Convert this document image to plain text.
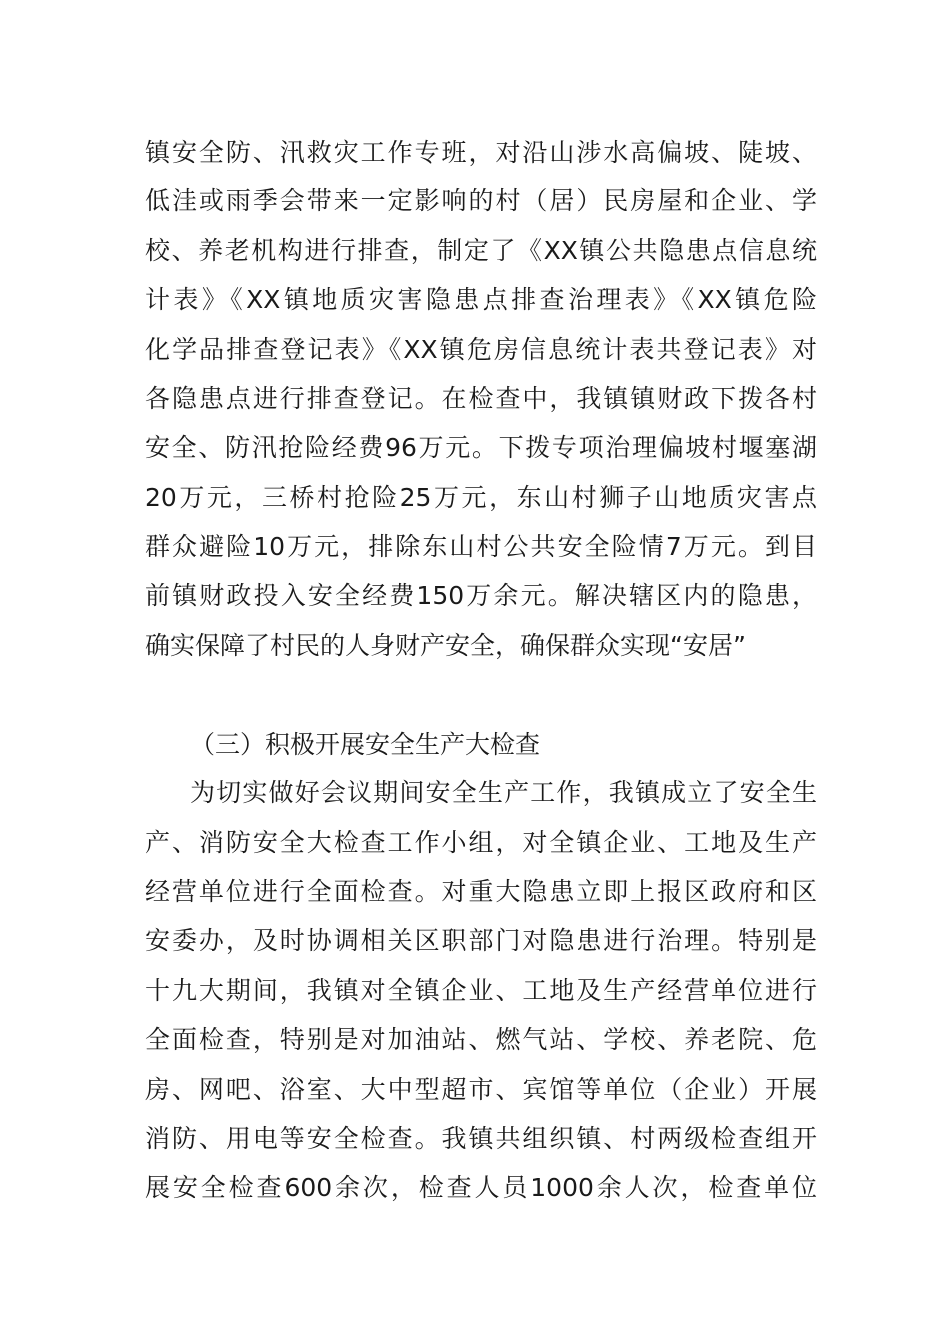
镇安全防、汛救灾工作专班，对沿山涉水高偏坡、陡坡、
低洼或雨季会带来一定影响的村（居）民房屋和企业、学
校、养老机构进行排查，制定了《XX镇公共隐患点信息统
计表》《XX镇地质灾害隐患点排查治理表》《XX镇危险
化学品排查登记表》《XX镇危房信息统计表共登记表》对
各隐患点进行排查登记。在检查中，我镇镇财政下拨各村
安全、防汛抢险经费96万元。下拨专项治理偏坡村堰塞湖
20万元，三桥村抢险25万元，东山村狮子山地质灾害点
群众避险10万元，排除东山村公共安全险情7万元。到目
前镇财政投入安全经费150万余元。解决辖区内的隐患，
确实保障了村民的人身财产安全，确保群众实现“安居”
（三）积极开展安全生产大检查
为切实做好会议期间安全生产工作，我镇成立了安全生
产、消防安全大检查工作小组，对全镇企业、工地及生产
经营单位进行全面检查。对重大隐患立即上报区政府和区
安委办，及时协调相关区职部门对隐患进行治理。特别是
十九大期间，我镇对全镇企业、工地及生产经营单位进行
全面检查，特别是对加油站、燃气站、学校、养老院、危
房、网吧、浴室、大中型超市、宾馆等单位（企业）开展
消防、用电等安全检查。我镇共组织镇、村两级检查组开
展安全检查600余次，检查人员1000余人次，检查单位
